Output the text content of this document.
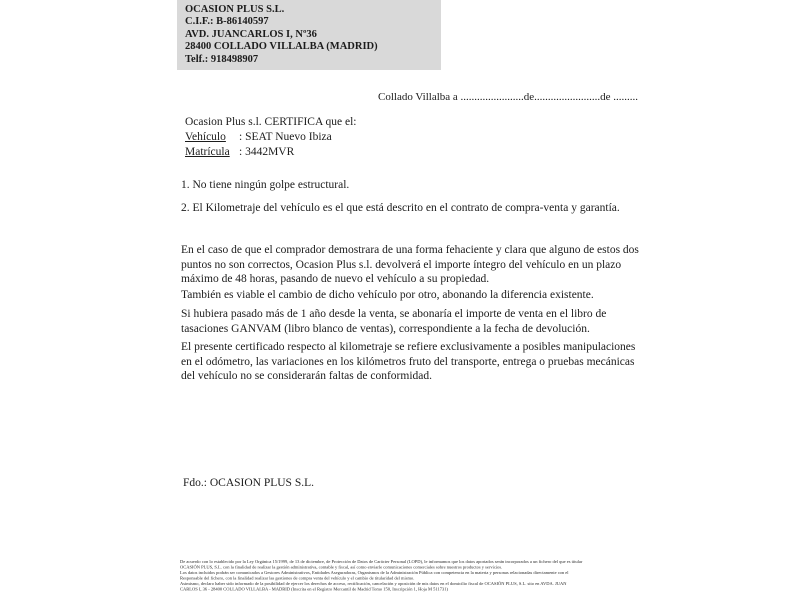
OCASION PLUS S.L.
C.I.F.: B-86140597
AVD. JUANCARLOS I, Nº36
28400 COLLADO VILLALBA (MADRID)
Telf.: 918498907
Collado Villalba a .......................de........................de .........
Ocasion Plus s.l. CERTIFICA que el:
Vehículo	: SEAT Nuevo Ibiza
Matrícula : 3442MVR
1. No tiene ningún golpe estructural.
2. El Kilometraje del vehículo es el que está descrito en el contrato de compra-venta y garantía.
En el caso de que el comprador demostrara de una forma fehaciente y clara que alguno de estos dos puntos no son correctos, Ocasion Plus s.l. devolverá el importe íntegro del vehículo en un plazo máximo de 48 horas, pasando de nuevo el vehículo a su propiedad.
También es viable el cambio de dicho vehículo por otro, abonando la diferencia existente.
Si hubiera pasado más de 1 año desde la venta, se abonaría el importe de venta en el libro de tasaciones GANVAM (libro blanco de ventas), correspondiente a la fecha de devolución.
El presente certificado respecto al kilometraje se refiere exclusivamente a posibles manipulaciones en el odómetro, las variaciones en los kilómetros fruto del transporte, entrega o pruebas mecánicas del vehículo no se considerarán faltas de conformidad.
Fdo.: OCASION PLUS S.L.
De acuerdo con lo establecido por la Ley Orgánica 15/1999, de 13 de diciembre, de Protección de Datos de Carácter Personal (LOPD), le informamos que los datos aportados serán incorporados a un fichero del que es titular
OCASIÓN PLUS, S.L. con la finalidad de realizar la gestión administrativa, contable y fiscal, así como enviarle comunicaciones comerciales sobre nuestros productos y servicios.
Los datos incluidos podrán ser comunicados a Gestores Administrativos, Entidades Aseguradoras, Organismos de la Administración Pública con competencia en la materia y personas relacionadas directamente con el
Responsable del fichero, con la finalidad realizar las gestiones de compra venta del vehículo y el cambio de titularidad del mismo.
Asimismo, declaro haber sido informado de la posibilidad de ejercer los derechos de acceso, rectificación, cancelación y oposición de mis datos en el domicilio fiscal de OCASIÓN PLUS, S.L. sito en AVDA. JUAN
CARLOS I, 36 - 28400 COLLADO VILLALBA - MADRID (Inscrita en el Registro Mercantil de Madrid Tomo 150, Inscripción 1, Hoja M 511731)
